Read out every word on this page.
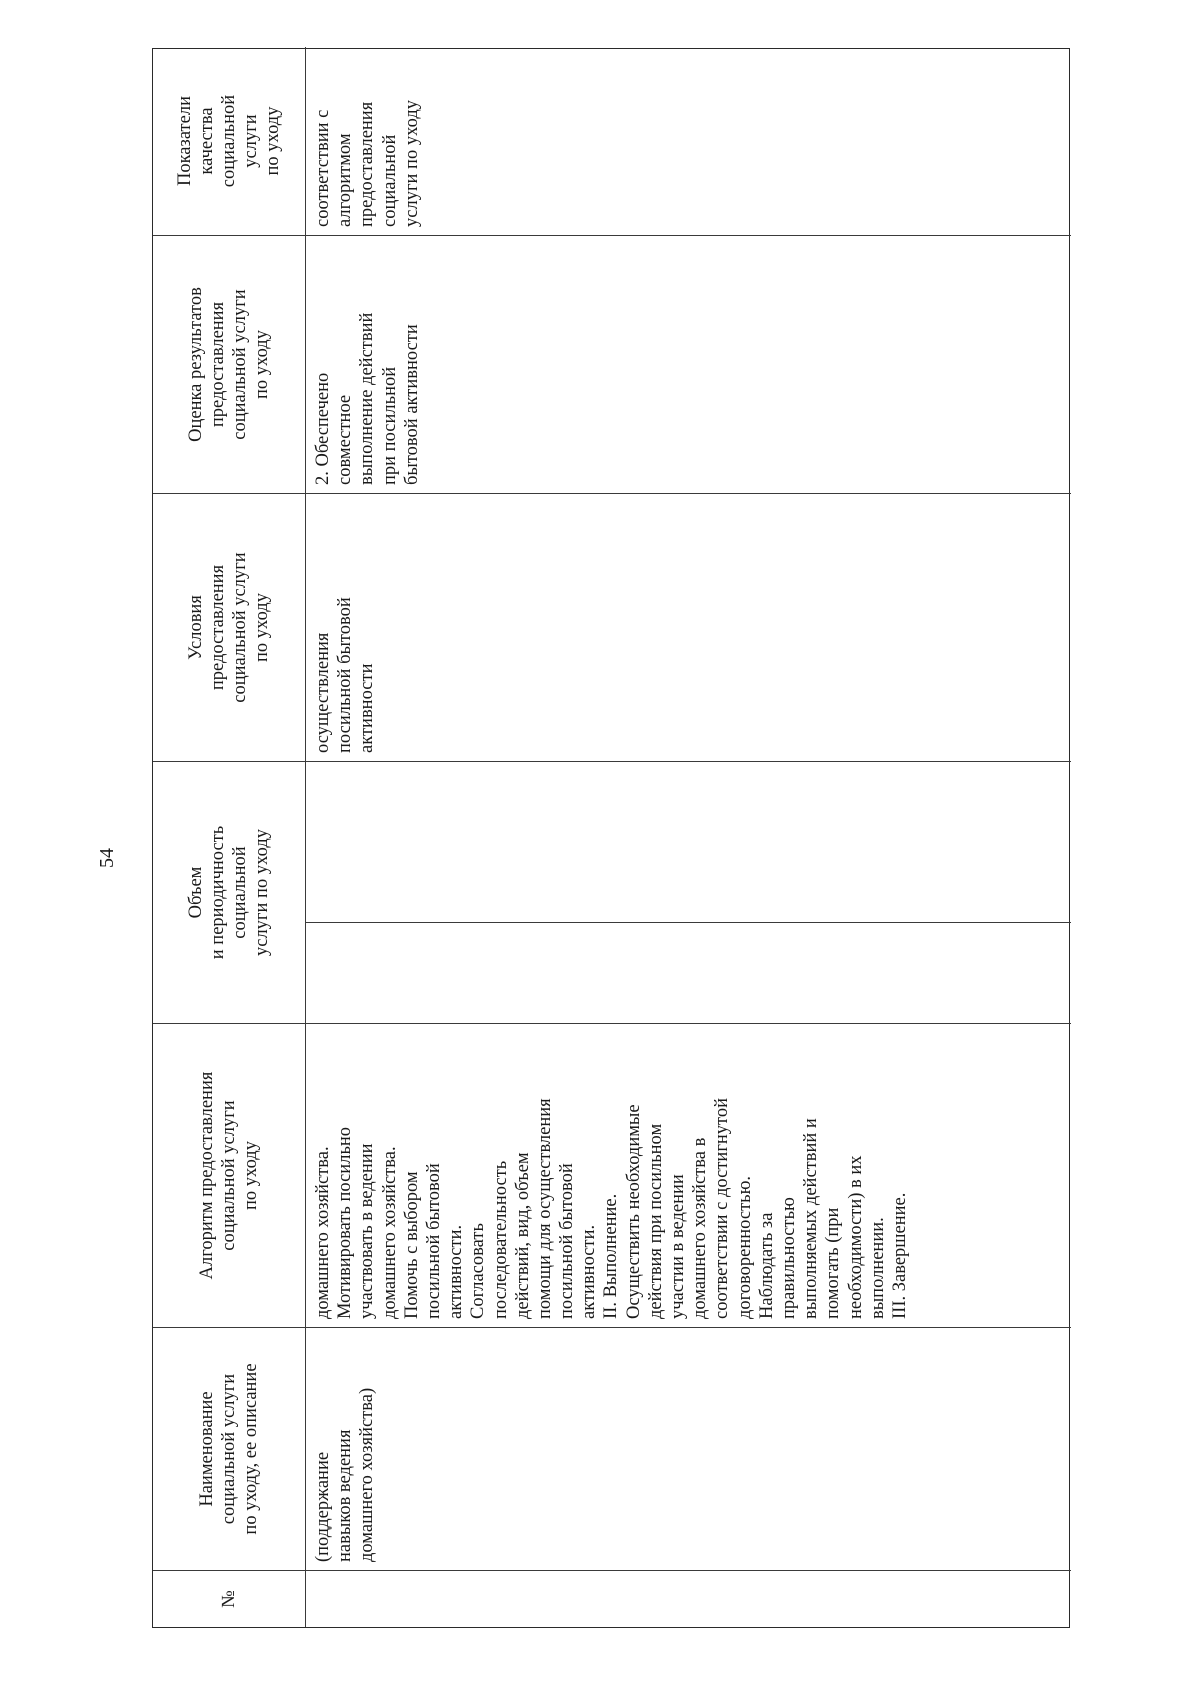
54
№
Наименование социальной услуги по уходу, ее описание
Алгоритм предоставления социальной услуги по уходу
Объем и периодичность социальной услуги по уходу
Условия предоставления социальной услуги по уходу
Оценка результатов предоставления социальной услуги по уходу
Показатели качества социальной услуги по уходу
(поддержание навыков ведения домашнего хозяйства)
домашнего хозяйства. Мотивировать посильно участвовать в ведении домашнего хозяйства. Помочь с выбором посильной бытовой активности. Согласовать последовательность действий, вид, объем помощи для осуществления посильной бытовой активности. II. Выполнение. Осуществить необходимые действия при посильном участии в ведении домашнего хозяйства в соответствии с достигнутой договоренностью. Наблюдать за правильностью выполняемых действий и помогать (при необходимости) в их выполнении. III. Завершение.
осуществления посильной бытовой активности
2. Обеспечено совместное выполнение действий при посильной бытовой активности
соответствии с алгоритмом предоставления социальной услуги по уходу
